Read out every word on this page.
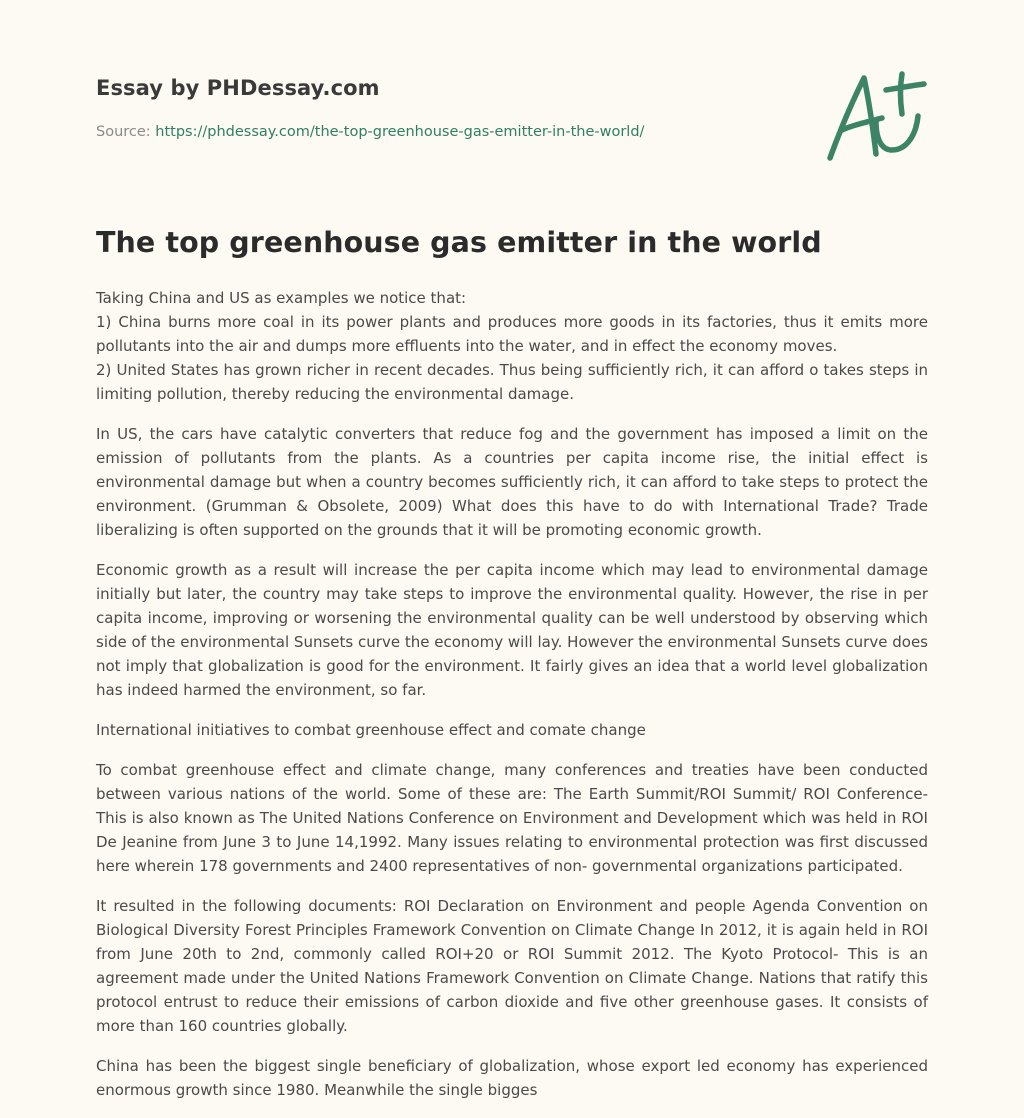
Essay by PHDessay.com

Source: https://phdessay.com/the-top-greenhouse-gas-emitter-in-the-world/

The top greenhouse gas emitter in the world

Taking China and US as examples we notice that:
1) China burns more coal in its power plants and produces more goods in its factories, thus it emits more pollutants into the air and dumps more effluents into the water, and in effect the economy moves.
2) United States has grown richer in recent decades. Thus being sufficiently rich, it can afford o takes steps in limiting pollution, thereby reducing the environmental damage.

In US, the cars have catalytic converters that reduce fog and the government has imposed a limit on the emission of pollutants from the plants. As a countries per capita income rise, the initial effect is environmental damage but when a country becomes sufficiently rich, it can afford to take steps to protect the environment. (Grumman & Obsolete, 2009) What does this have to do with International Trade? Trade liberalizing is often supported on the grounds that it will be promoting economic growth.

Economic growth as a result will increase the per capita income which may lead to environmental damage initially but later, the country may take steps to improve the environmental quality. However, the rise in per capita income, improving or worsening the environmental quality can be well understood by observing which side of the environmental Sunsets curve the economy will lay. However the environmental Sunsets curve does not imply that globalization is good for the environment. It fairly gives an idea that a world level globalization has indeed harmed the environment, so far.

International initiatives to combat greenhouse effect and comate change

To combat greenhouse effect and climate change, many conferences and treaties have been conducted between various nations of the world. Some of these are: The Earth Summit/ROI Summit/ ROI Conference- This is also known as The United Nations Conference on Environment and Development which was held in ROI De Jeanine from June 3 to June 14,1992. Many issues relating to environmental protection was first discussed here wherein 178 governments and 2400 representatives of non- governmental organizations participated.

It resulted in the following documents: ROI Declaration on Environment and people Agenda Convention on Biological Diversity Forest Principles Framework Convention on Climate Change In 2012, it is again held in ROI from June 20th to 2nd, commonly called ROI+20 or ROI Summit 2012. The Kyoto Protocol- This is an agreement made under the United Nations Framework Convention on Climate Change. Nations that ratify this protocol entrust to reduce their emissions of carbon dioxide and five other greenhouse gases. It consists of more than 160 countries globally.

China has been the biggest single beneficiary of globalization, whose export led economy has experienced enormous growth since 1980. Meanwhile the single bigges
